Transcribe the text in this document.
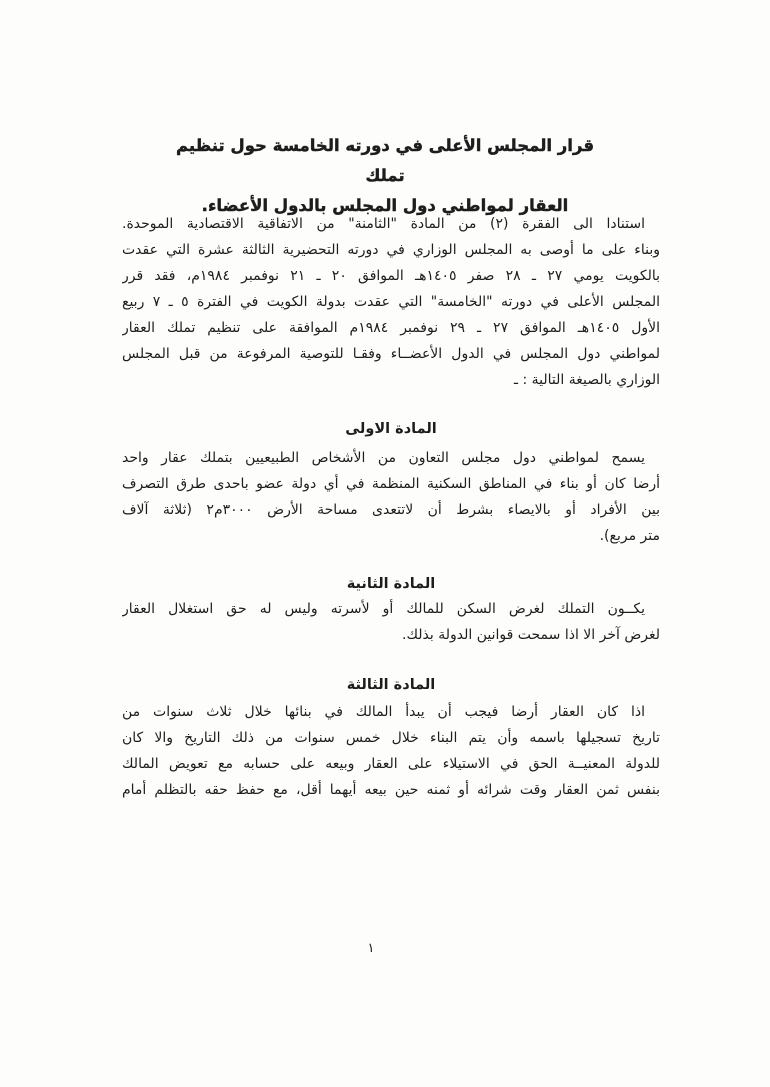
قرار المجلس الأعلى في دورته الخامسة حول تنظيم تملك
العقار لمواطني دول المجلس بالدول الأعضاء.
استنادا الى الفقرة (٢) من المادة "الثامنة" من الاتفاقية الاقتصادية الموحدة.
وبناء على ما أوصى به المجلس الوزاري في دورته التحضيرية الثالثة عشرة التي عقدت
بالكويت يومي ٢٧ ـ ٢٨ صفر ١٤٠٥هـ الموافق ٢٠ ـ ٢١ نوفمبر ١٩٨٤م، فقد قرر
المجلس الأعلى في دورته "الخامسة" التي عقدت بدولة الكويت في الفترة ٥ ـ ٧ ربيع
الأول ١٤٠٥هـ الموافق ٢٧ ـ ٢٩ نوفمبر ١٩٨٤م الموافقة على تنظيم تملك العقار
لمواطني دول المجلس في الدول الأعضــاء وفقـا للتوصية المرفوعة من قبل المجلس
الوزاري بالصيغة التالية : ـ
المادة الاولى
يسمح لمواطني دول مجلس التعاون من الأشخاص الطبيعيين بتملك عقار واحد
أرضا كان أو بناء في المناطق السكنية المنظمة في أي دولة عضو باحدى طرق التصرف
بين الأفراد أو بالايصاء بشرط أن لاتتعدى مساحة الأرض ٣٠٠٠م٢ (ثلاثة آلاف
متر مربع).
المادة الثانية
يكــون التملك لغرض السكن للمالك أو لأسرته وليس له حق استغلال العقار
لغرض آخر الا اذا سمحت قوانين الدولة بذلك.
المادة الثالثة
اذا كان العقار أرضا فيجب أن يبدأ المالك في بنائها خلال ثلاث سنوات من
تاريخ تسجيلها باسمه وأن يتم البناء خلال خمس سنوات من ذلك التاريخ والا كان
للدولة المعنيــة الحق في الاستيلاء على العقار وبيعه على حسابه مع تعويض المالك
بنفس ثمن العقار وقت شرائه أو ثمنه حين بيعه أيهما أقل، مع حفظ حقه بالتظلم أمام
١
